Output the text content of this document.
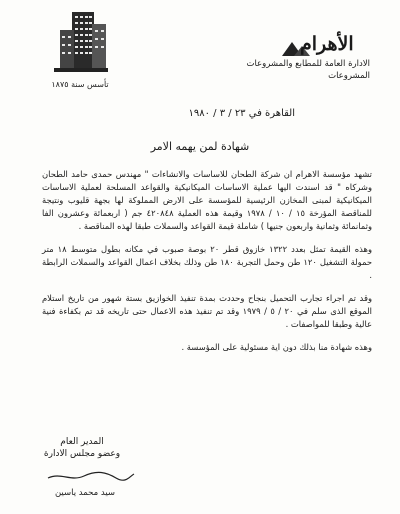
تأسس سنة ١٨٧٥
الأهرام
الادارة العامة للمطابع والمشروعات
المشروعات
القاهرة في ٢٣ / ٣ / ١٩٨٠
شهادة لمن يهمه الامر

تشهد مؤسسة الاهرام ان شركة الطحان للاساسات والانشاءات " مهندس حمدى حامد الطحان وشركاه " قد اسندت اليها عملية الاساسات الميكانيكية والقواعد المسلحة لعملية الاساسات الميكانيكية لمبنى المخازن الرئيسية للمؤسسة على الارض المملوكة لها بجهة قليوب ونتيجة للمناقصة المؤرخة ١٥ / ١٠ / ١٩٧٨ وقيمة هذه العملية ٤٢٠٨٤٨ جم ( اربعمائة وعشرون الفا وثمانمائة وثمانية واربعون جنيها ) شاملة قيمة القواعد والسملات طبقا لهذه المناقصة .

وهذه القيمة تمثل بعدد ١٣٢٢ خازوق قطر ٢٠ بوصة صبوب في مكانه بطول متوسط ١٨ متر حمولة التشغيل ١٢٠ طن وحمل التجربة ١٨٠ طن وذلك بخلاف اعمال القواعد والسملات الرابطة .

وقد تم اجراء تجارب التحميل بنجاح وحددت بمدة تنفيذ الخوازيق بستة شهور من تاريخ استلام الموقع الذى سلم في ٢٠ / ٥ / ١٩٧٩ وقد تم تنفيذ هذه الاعمال حتى تاريخه قد تم بكفاءة فنية عالية وطبقا للمواصفات .

وهذه شهادة منا بذلك دون اية مسئولية على المؤسسة .

المدير العام
وعضو مجلس الادارة
سيد محمد ياسين
